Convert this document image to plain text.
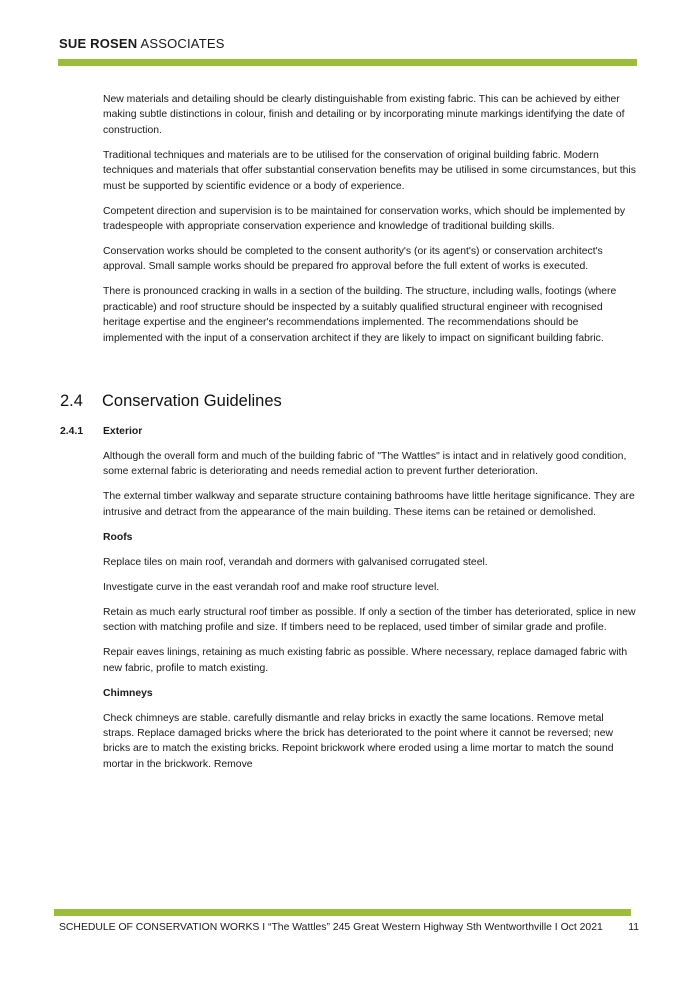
SUE ROSEN ASSOCIATES

New materials and detailing should be clearly distinguishable from existing fabric. This can be achieved by either making subtle distinctions in colour, finish and detailing or by incorporating minute markings identifying the date of construction.

Traditional techniques and materials are to be utilised for the conservation of original building fabric. Modern techniques and materials that offer substantial conservation benefits may be utilised in some circumstances, but this must be supported by scientific evidence or a body of experience.

Competent direction and supervision is to be maintained for conservation works, which should be implemented by tradespeople with appropriate conservation experience and knowledge of traditional building skills.

Conservation works should be completed to the consent authority's (or its agent's) or conservation architect's approval. Small sample works should be prepared fro approval before the full extent of works is executed.

There is pronounced cracking in walls in a section of the building. The structure, including walls, footings (where practicable) and roof structure should be inspected by a suitably qualified structural engineer with recognised heritage expertise and the engineer's recommendations implemented. The recommendations should be implemented with the input of a conservation architect if they are likely to impact on significant building fabric.

2.4 Conservation Guidelines
2.4.1 Exterior

Although the overall form and much of the building fabric of "The Wattles" is intact and in relatively good condition, some external fabric is deteriorating and needs remedial action to prevent further deterioration.

The external timber walkway and separate structure containing bathrooms have little heritage significance. They are intrusive and detract from the appearance of the main building. These items can be retained or demolished.

Roofs

Replace tiles on main roof, verandah and dormers with galvanised corrugated steel.

Investigate curve in the east verandah roof and make roof structure level.

Retain as much early structural roof timber as possible. If only a section of the timber has deteriorated, splice in new section with matching profile and size. If timbers need to be replaced, used timber of similar grade and profile.

Repair eaves linings, retaining as much existing fabric as possible. Where necessary, replace damaged fabric with new fabric, profile to match existing.

Chimneys

Check chimneys are stable. carefully dismantle and relay bricks in exactly the same locations. Remove metal straps. Replace damaged bricks where the brick has deteriorated to the point where it cannot be reversed; new bricks are to match the existing bricks. Repoint brickwork where eroded using a lime mortar to match the sound mortar in the brickwork. Remove

SCHEDULE OF CONSERVATION WORKS I “The Wattles” 245 Great Western Highway Sth Wentworthville I Oct 2021 11
